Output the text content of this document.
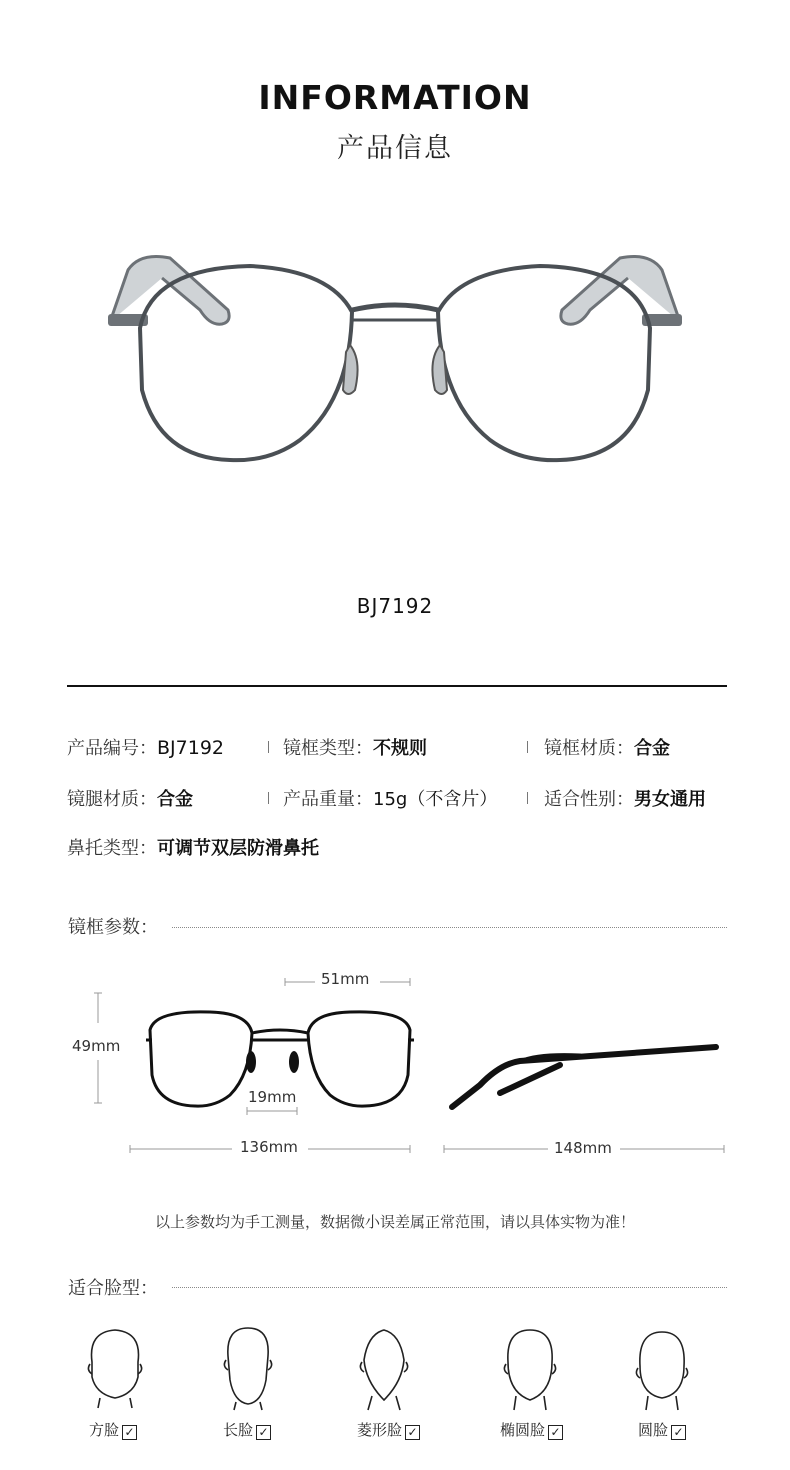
INFORMATION
产品信息
BJ7192
产品编号：BJ7192	镜框类型：不规则	镜框材质：合金
镜腿材质：合金	产品重量：15g（不含片）	适合性别：男女通用
鼻托类型：可调节双层防滑鼻托
镜框参数：
51mm
49mm
19mm
136mm	148mm
以上参数均为手工测量，数据微小误差属正常范围，请以具体实物为准！
适合脸型：
方脸 ✓	长脸 ✓	菱形脸 ✓	椭圆脸 ✓	圆脸 ✓
